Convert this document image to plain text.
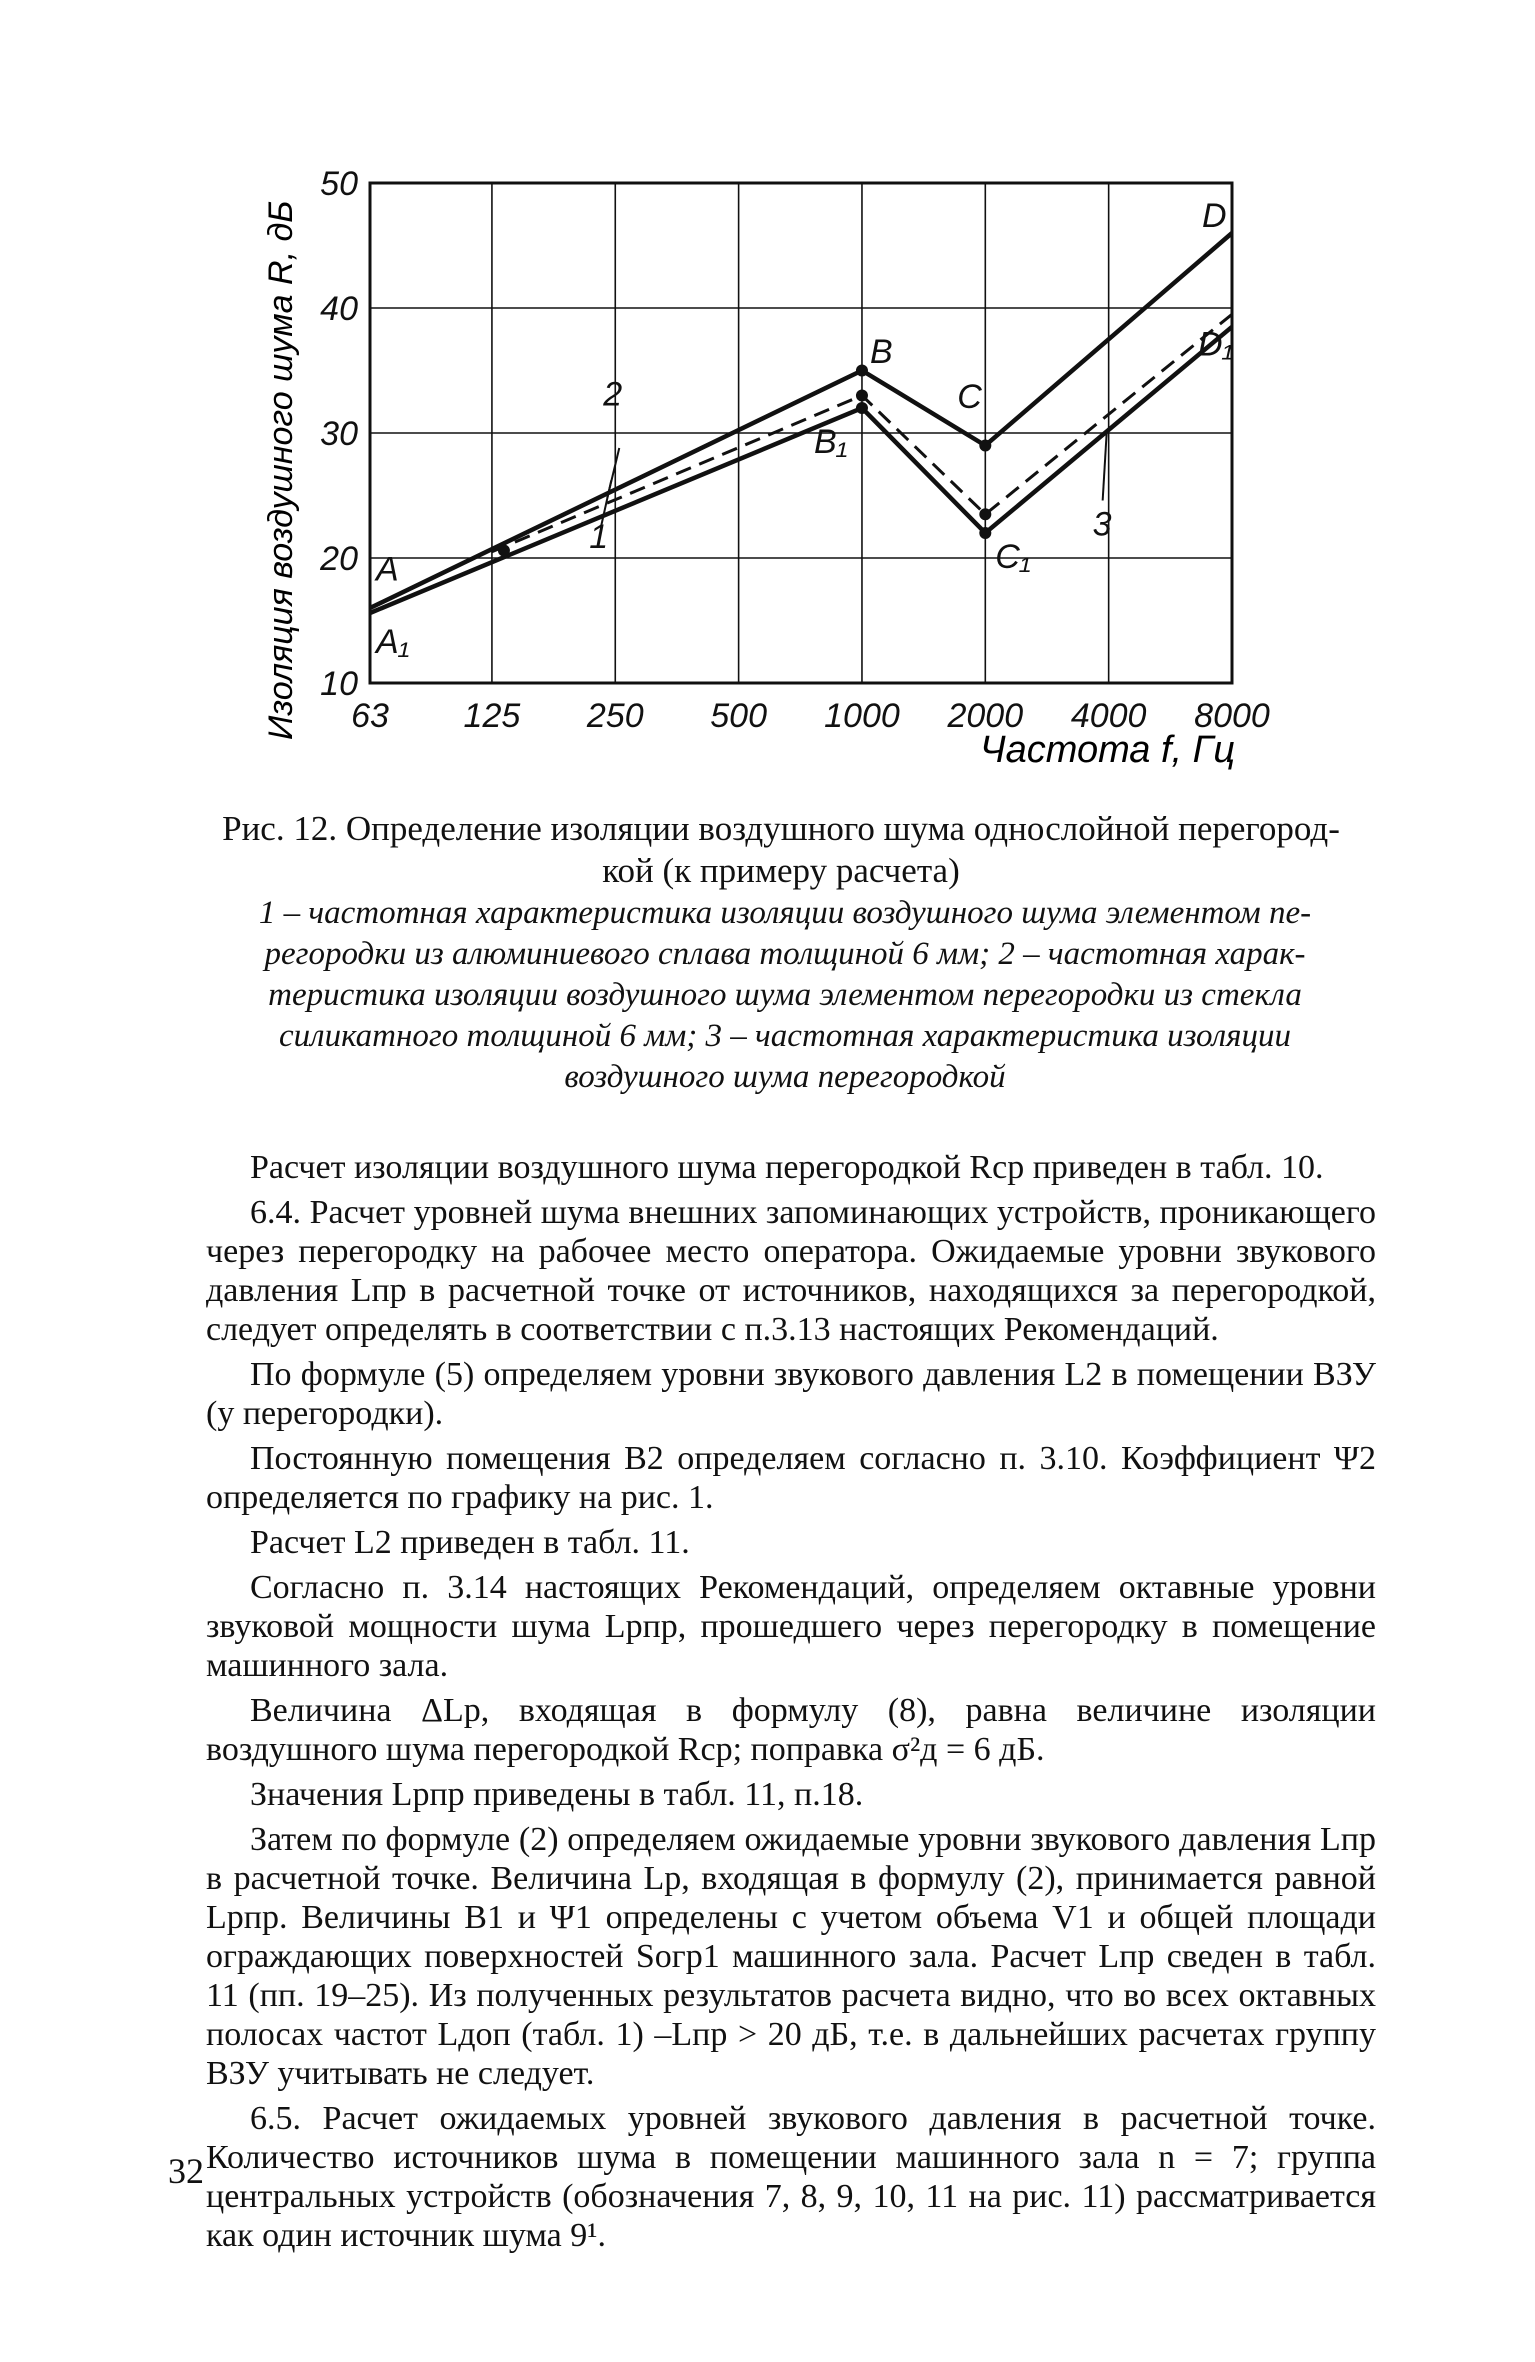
63 125 250 500 1000 2000 4000 8000
10
20
30
40
50
A
A₁
B
B₁
C
C₁
D
D₁
2
1	3
Изоляция воздушного шума R, дБ
Частота f, Гц
Рис. 12. Определение изоляции воздушного шума однослойной перегород-
кой (к примеру расчета)
1 – частотная характеристика изоляции воздушного шума элементом пе-
регородки из алюминиевого сплава толщиной 6 мм; 2 – частотная харак-
теристика изоляции воздушного шума элементом перегородки из стекла
силикатного толщиной 6 мм; 3 – частотная характеристика изоляции
воздушного шума перегородкой

Расчет изоляции воздушного шума перегородкой Rср приведен в табл. 10.

6.4. Расчет уровней шума внешних запоминающих устройств, проникающего через перегородку на рабочее место оператора. Ожидаемые уровни звукового давления Lпр в расчетной точке от источников, находящихся за перегородкой, следует определять в соответствии с п.3.13 настоящих Рекомендаций.

По формуле (5) определяем уровни звукового давления L2 в помещении ВЗУ (у перегородки).

Постоянную помещения B2 определяем согласно п. 3.10. Коэффициент Ψ2 определяется по графику на рис. 1.

Расчет L2 приведен в табл. 11.

Согласно п. 3.14 настоящих Рекомендаций, определяем октавные уровни звуковой мощности шума Lpпр, прошедшего через перегородку в помещение машинного зала.

Величина ΔLp, входящая в формулу (8), равна величине изоляции воздушного шума перегородкой Rср; поправка σ²д = 6 дБ.

Значения Lpпр приведены в табл. 11, п.18.

Затем по формуле (2) определяем ожидаемые уровни звукового давления Lпр в расчетной точке. Величина Lp, входящая в формулу (2), принимается равной Lpпр. Величины B1 и Ψ1 определены с учетом объема V1 и общей площади ограждающих поверхностей Sогр1 машинного зала. Расчет Lпр сведен в табл. 11 (пп. 19–25). Из полученных результатов расчета видно, что во всех октавных полосах частот Lдоп (табл. 1) –Lпр > 20 дБ, т.е. в дальнейших расчетах группу ВЗУ учитывать не следует.

6.5. Расчет ожидаемых уровней звукового давления в расчетной точке. Количество источников шума в помещении машинного зала n = 7; группа центральных устройств (обозначения 7, 8, 9, 10, 11 на рис. 11) рассматривается как один источник шума 9¹.

32
